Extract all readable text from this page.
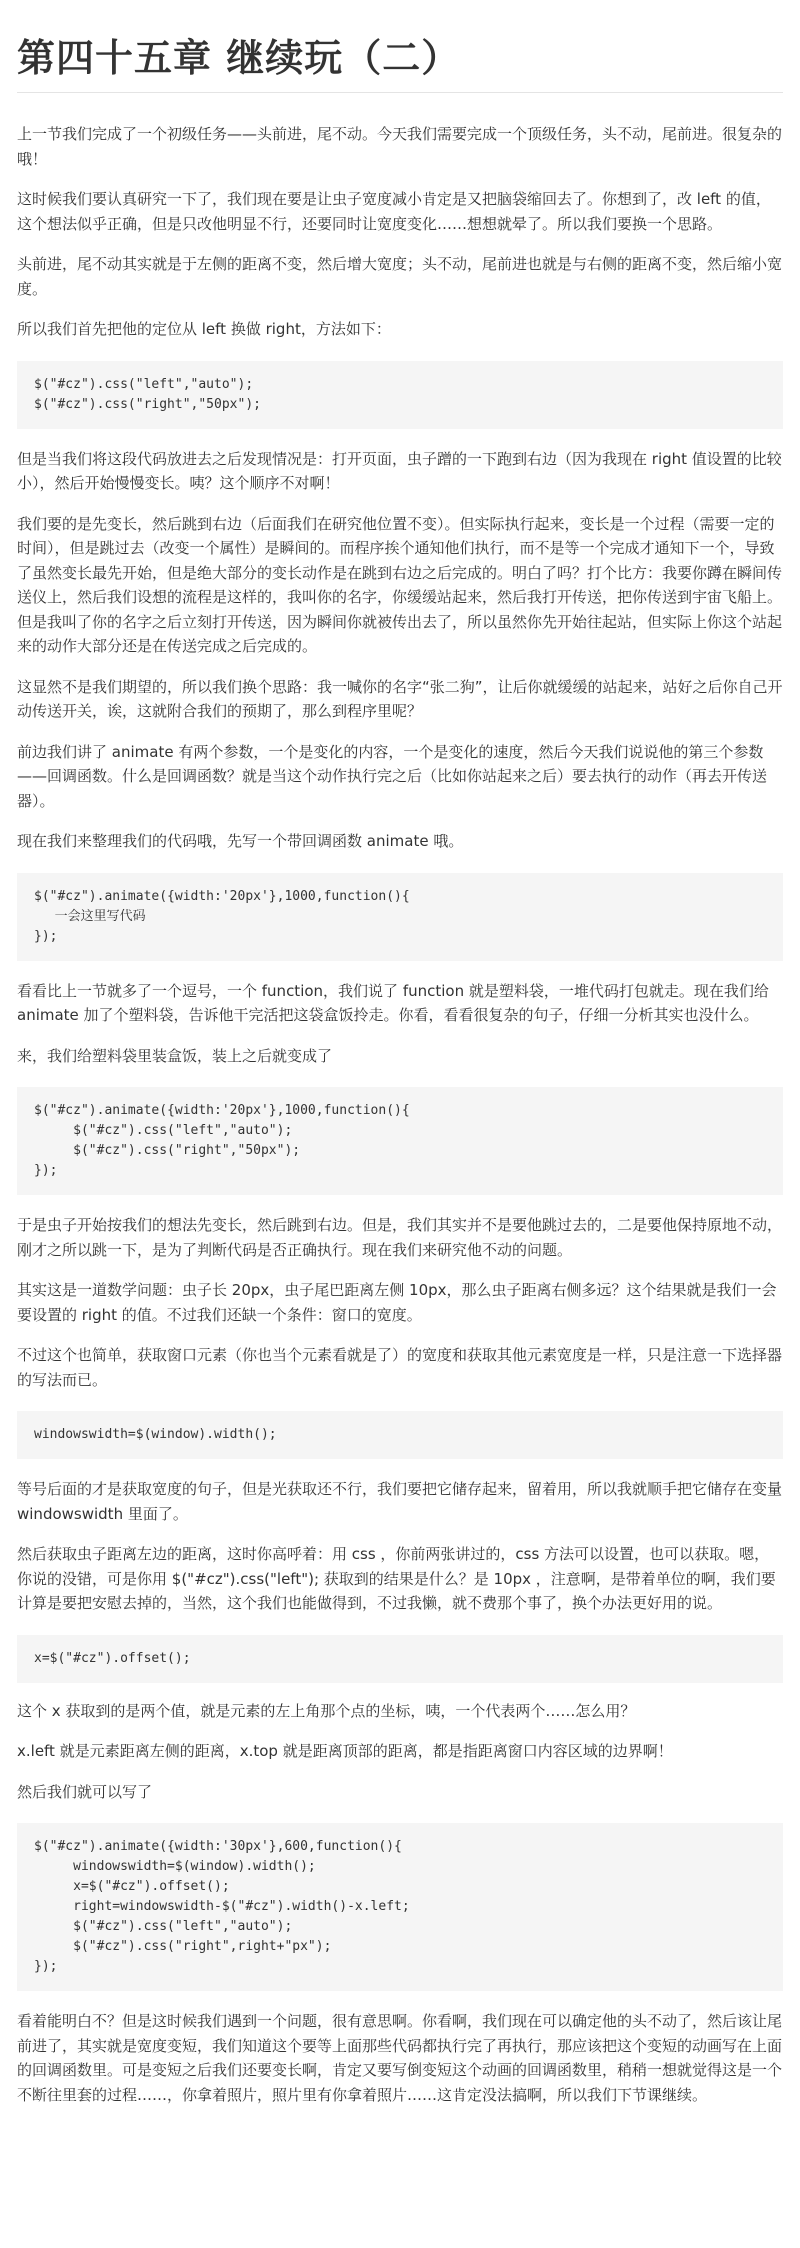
第四十五章 继续玩（二）

上一节我们完成了一个初级任务——头前进，尾不动。今天我们需要完成一个顶级任务，头不动，尾前进。很复杂的哦！

这时候我们要认真研究一下了，我们现在要是让虫子宽度减小肯定是又把脑袋缩回去了。你想到了，改 left 的值，这个想法似乎正确，但是只改他明显不行，还要同时让宽度变化……想想就晕了。所以我们要换一个思路。

头前进，尾不动其实就是于左侧的距离不变，然后增大宽度；头不动，尾前进也就是与右侧的距离不变，然后缩小宽度。

所以我们首先把他的定位从 left 换做 right，方法如下：

$("#cz").css("left","auto");
$("#cz").css("right","50px");

但是当我们将这段代码放进去之后发现情况是：打开页面，虫子蹭的一下跑到右边（因为我现在 right 值设置的比较小），然后开始慢慢变长。咦？这个顺序不对啊！

我们要的是先变长，然后跳到右边（后面我们在研究他位置不变）。但实际执行起来，变长是一个过程（需要一定的时间），但是跳过去（改变一个属性）是瞬间的。而程序挨个通知他们执行，而不是等一个完成才通知下一个，导致了虽然变长最先开始，但是绝大部分的变长动作是在跳到右边之后完成的。明白了吗？打个比方：我要你蹲在瞬间传送仪上，然后我们设想的流程是这样的，我叫你的名字，你缓缓站起来，然后我打开传送，把你传送到宇宙飞船上。但是我叫了你的名字之后立刻打开传送，因为瞬间你就被传出去了，所以虽然你先开始往起站，但实际上你这个站起来的动作大部分还是在传送完成之后完成的。

这显然不是我们期望的，所以我们换个思路：我一喊你的名字“张二狗”，让后你就缓缓的站起来，站好之后你自己开动传送开关，诶，这就附合我们的预期了，那么到程序里呢？

前边我们讲了 animate 有两个参数，一个是变化的内容，一个是变化的速度，然后今天我们说说他的第三个参数——回调函数。什么是回调函数？就是当这个动作执行完之后（比如你站起来之后）要去执行的动作（再去开传送器）。

现在我们来整理我们的代码哦，先写一个带回调函数 animate 哦。

$("#cz").animate({width:'20px'},1000,function(){
一会这里写代码
});

看看比上一节就多了一个逗号，一个 function，我们说了 function 就是塑料袋，一堆代码打包就走。现在我们给 animate 加了个塑料袋，告诉他干完活把这袋盒饭拎走。你看，看看很复杂的句子，仔细一分析其实也没什么。

来，我们给塑料袋里装盒饭，装上之后就变成了

$("#cz").animate({width:'20px'},1000,function(){
$("#cz").css("left","auto");
$("#cz").css("right","50px");
});

于是虫子开始按我们的想法先变长，然后跳到右边。但是，我们其实并不是要他跳过去的，二是要他保持原地不动，刚才之所以跳一下，是为了判断代码是否正确执行。现在我们来研究他不动的问题。

其实这是一道数学问题：虫子长 20px，虫子尾巴距离左侧 10px，那么虫子距离右侧多远？这个结果就是我们一会要设置的 right 的值。不过我们还缺一个条件：窗口的宽度。

不过这个也简单，获取窗口元素（你也当个元素看就是了）的宽度和获取其他元素宽度是一样，只是注意一下选择器的写法而已。

windowswidth=$(window).width();

等号后面的才是获取宽度的句子，但是光获取还不行，我们要把它储存起来，留着用，所以我就顺手把它储存在变量 windowswidth 里面了。

然后获取虫子距离左边的距离，这时你高呼着：用 css ，你前两张讲过的，css 方法可以设置，也可以获取。嗯，你说的没错，可是你用 $("#cz").css("left"); 获取到的结果是什么？是 10px ，注意啊，是带着单位的啊，我们要计算是要把安慰去掉的，当然，这个我们也能做得到，不过我懒，就不费那个事了，换个办法更好用的说。

x=$("#cz").offset();

这个 x 获取到的是两个值，就是元素的左上角那个点的坐标，咦，一个代表两个……怎么用？

x.left 就是元素距离左侧的距离，x.top 就是距离顶部的距离，都是指距离窗口内容区域的边界啊！

然后我们就可以写了

$("#cz").animate({width:'30px'},600,function(){
windowswidth=$(window).width();
x=$("#cz").offset();
right=windowswidth-$("#cz").width()-x.left;
$("#cz").css("left","auto");
$("#cz").css("right",right+"px");
});

看着能明白不？但是这时候我们遇到一个问题，很有意思啊。你看啊，我们现在可以确定他的头不动了，然后该让尾前进了，其实就是宽度变短，我们知道这个要等上面那些代码都执行完了再执行，那应该把这个变短的动画写在上面的回调函数里。可是变短之后我们还要变长啊，肯定又要写倒变短这个动画的回调函数里，稍稍一想就觉得这是一个不断往里套的过程……，你拿着照片，照片里有你拿着照片……这肯定没法搞啊，所以我们下节课继续。
